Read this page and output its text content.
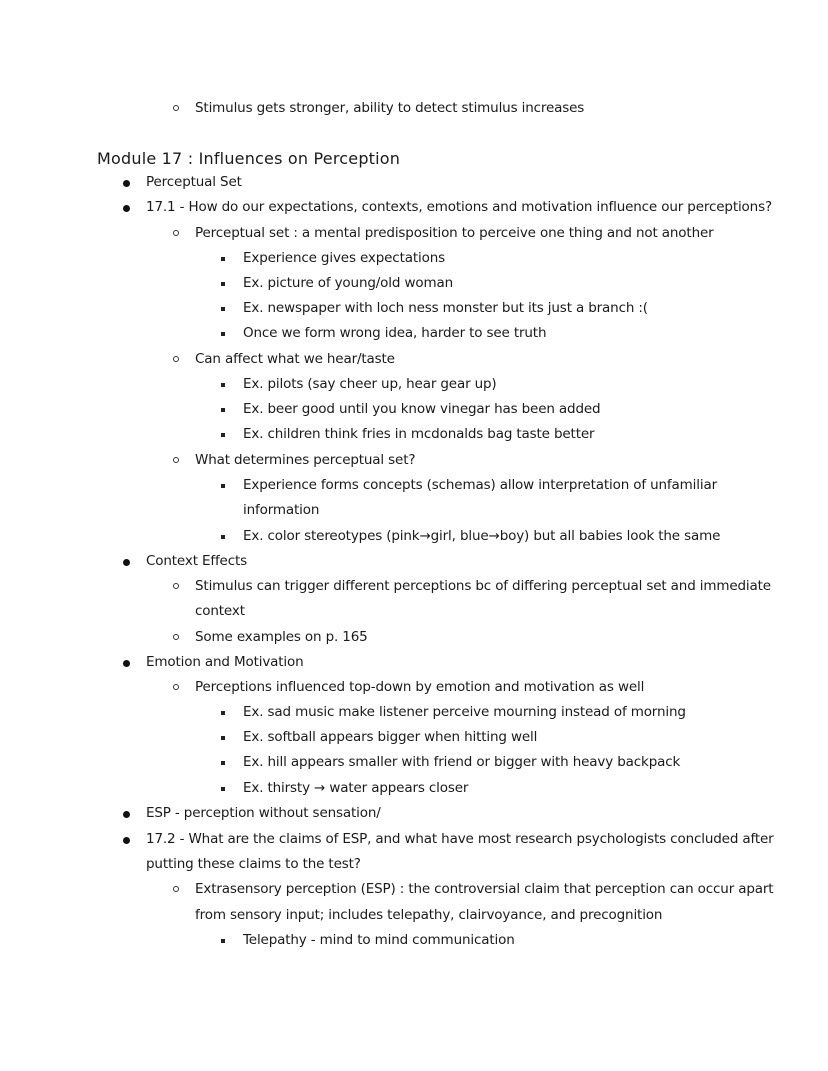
Stimulus gets stronger, ability to detect stimulus increases
Module 17 : Influences on Perception
Perceptual Set
17.1 - How do our expectations, contexts, emotions and motivation influence our perceptions?
Perceptual set : a mental predisposition to perceive one thing and not another
Experience gives expectations
Ex. picture of young/old woman
Ex. newspaper with loch ness monster but its just a branch :(
Once we form wrong idea, harder to see truth
Can affect what we hear/taste
Ex. pilots (say cheer up, hear gear up)
Ex. beer good until you know vinegar has been added
Ex. children think fries in mcdonalds bag taste better
What determines perceptual set?
Experience forms concepts (schemas) allow interpretation of unfamiliar
information
Ex. color stereotypes (pink→girl, blue→boy) but all babies look the same
Context Effects
Stimulus can trigger different perceptions bc of differing perceptual set and immediate
context
Some examples on p. 165
Emotion and Motivation
Perceptions influenced top-down by emotion and motivation as well
Ex. sad music make listener perceive mourning instead of morning
Ex. softball appears bigger when hitting well
Ex. hill appears smaller with friend or bigger with heavy backpack
Ex. thirsty → water appears closer
ESP - perception without sensation/
17.2 - What are the claims of ESP, and what have most research psychologists concluded after
putting these claims to the test?
Extrasensory perception (ESP) : the controversial claim that perception can occur apart
from sensory input; includes telepathy, clairvoyance, and precognition
Telepathy - mind to mind communication
